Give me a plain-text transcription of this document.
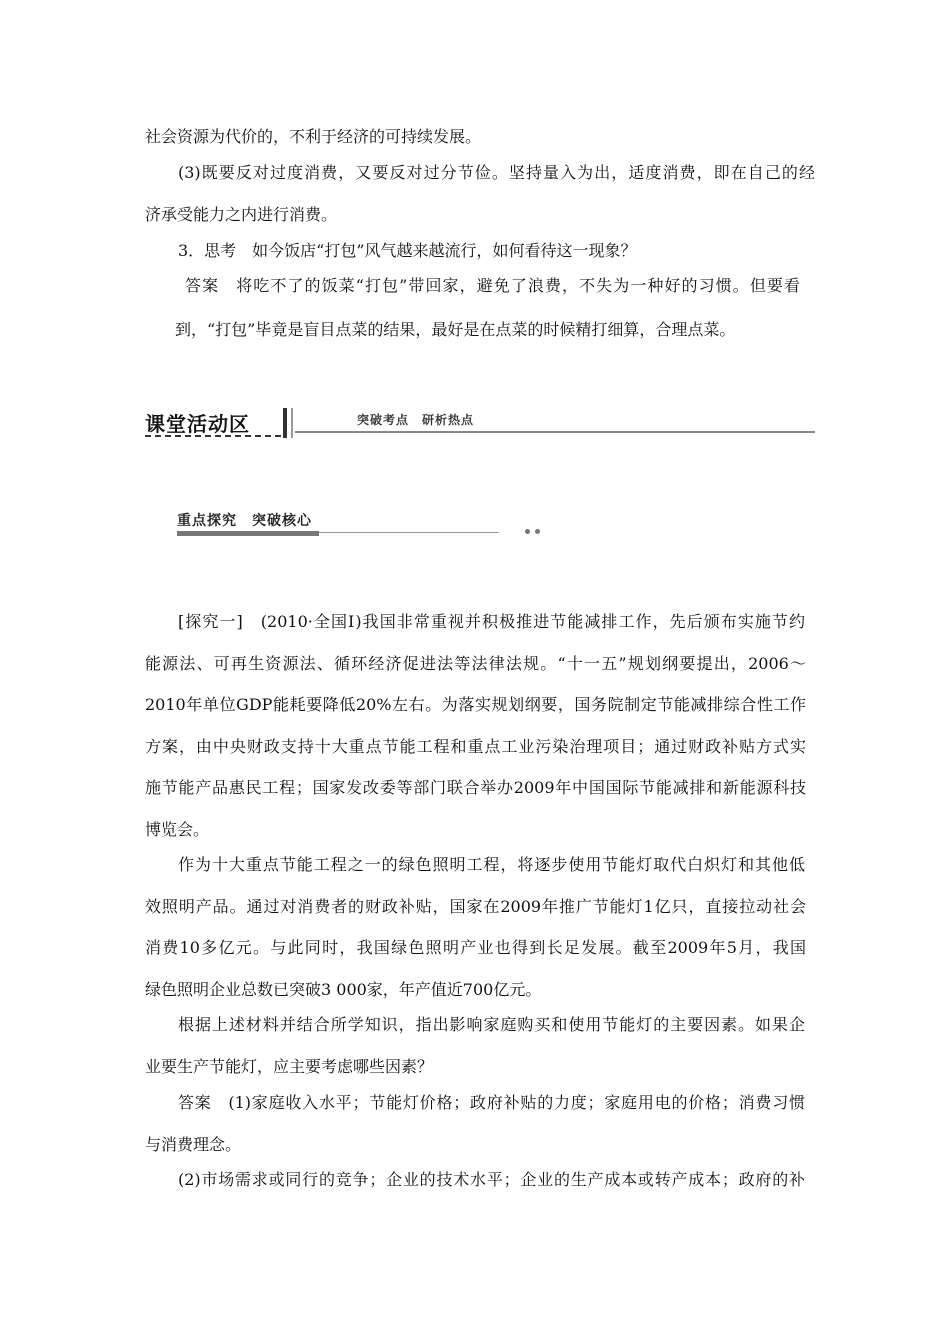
社会资源为代价的，不利于经济的可持续发展。
(3)既要反对过度消费，又要反对过分节俭。坚持量入为出，适度消费，即在自己的经
济承受能力之内进行消费。
3．思考　如今饭店“打包”风气越来越流行，如何看待这一现象？
答案　将吃不了的饭菜“打包”带回家，避免了浪费，不失为一种好的习惯。但要看
到，“打包”毕竟是盲目点菜的结果，最好是在点菜的时候精打细算，合理点菜。
课堂活动区	突破考点　研析热点
重点探究　突破核心
[探究一]　(2010·全国Ⅰ)我国非常重视并积极推进节能减排工作，先后颁布实施节约
能源法、可再生资源法、循环经济促进法等法律法规。“十一五”规划纲要提出，2006～
2010年单位GDP能耗要降低20%左右。为落实规划纲要，国务院制定节能减排综合性工作
方案，由中央财政支持十大重点节能工程和重点工业污染治理项目；通过财政补贴方式实
施节能产品惠民工程；国家发改委等部门联合举办2009年中国国际节能减排和新能源科技
博览会。
作为十大重点节能工程之一的绿色照明工程，将逐步使用节能灯取代白炽灯和其他低
效照明产品。通过对消费者的财政补贴，国家在2009年推广节能灯1亿只，直接拉动社会
消费10多亿元。与此同时，我国绿色照明产业也得到长足发展。截至2009年5月，我国
绿色照明企业总数已突破3 000家，年产值近700亿元。
根据上述材料并结合所学知识，指出影响家庭购买和使用节能灯的主要因素。如果企
业要生产节能灯，应主要考虑哪些因素？
答案　(1)家庭收入水平；节能灯价格；政府补贴的力度；家庭用电的价格；消费习惯
与消费理念。
(2)市场需求或同行的竞争；企业的技术水平；企业的生产成本或转产成本；政府的补
